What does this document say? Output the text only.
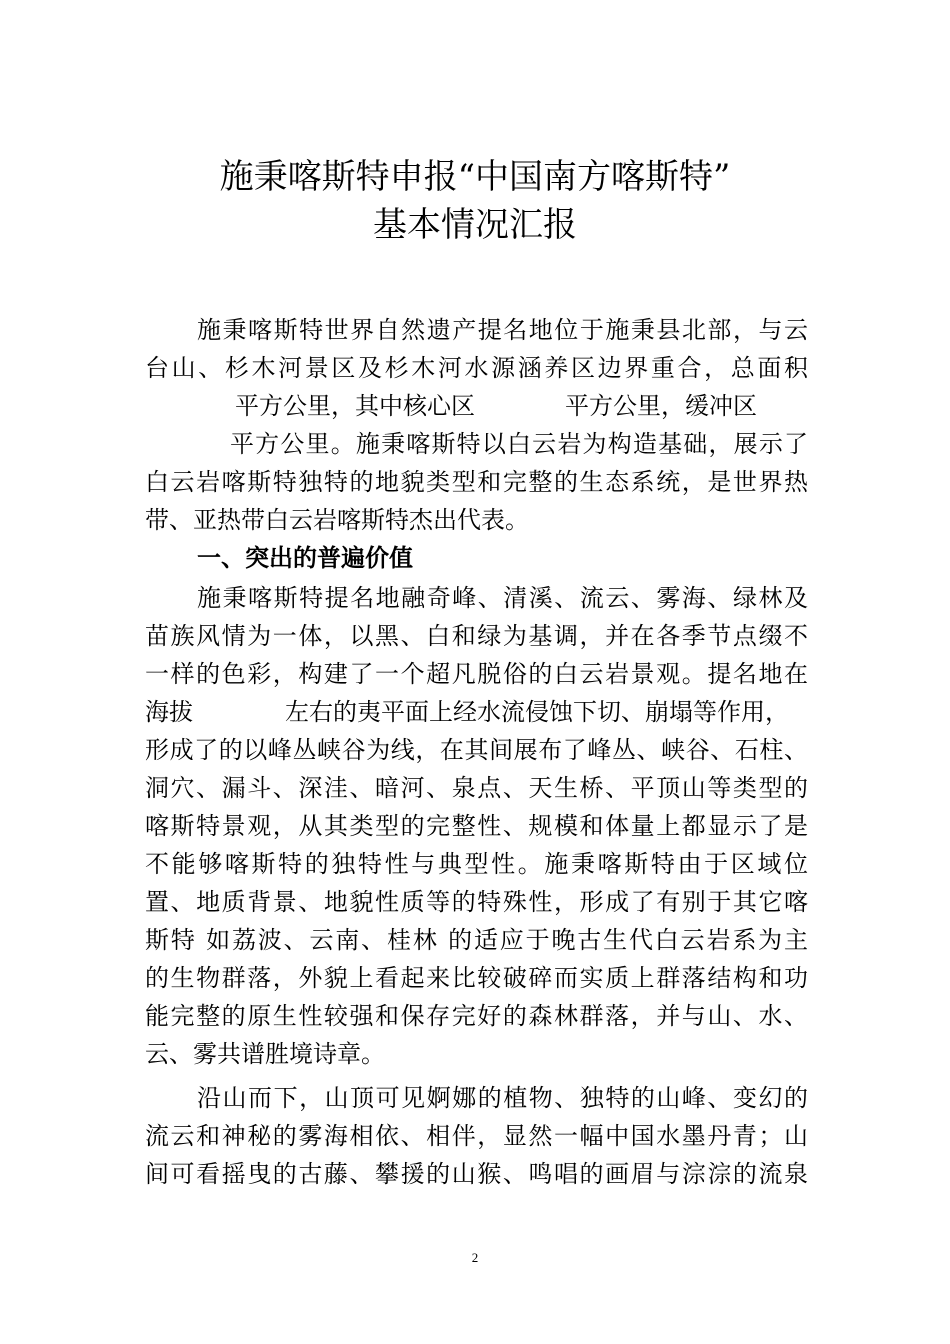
施秉喀斯特申报“中国南方喀斯特”
基本情况汇报
施秉喀斯特世界自然遗产提名地位于施秉县北部，与云
台山、杉木河景区及杉木河水源涵养区边界重合，总面积
平方公里，其中核心区	平方公里，缓冲区
平方公里。施秉喀斯特以白云岩为构造基础，展示了
白云岩喀斯特独特的地貌类型和完整的生态系统，是世界热
带、亚热带白云岩喀斯特杰出代表。
一、突出的普遍价值
施秉喀斯特提名地融奇峰、清溪、流云、雾海、绿林及
苗族风情为一体，以黑、白和绿为基调，并在各季节点缀不
一样的色彩，构建了一个超凡脱俗的白云岩景观。提名地在
海拔	左右的夷平面上经水流侵蚀下切、崩塌等作用，
形成了的以峰丛峡谷为线，在其间展布了峰丛、峡谷、石柱、
洞穴、漏斗、深洼、暗河、泉点、天生桥、平顶山等类型的
喀斯特景观，从其类型的完整性、规模和体量上都显示了是
不能够喀斯特的独特性与典型性。施秉喀斯特由于区域位
置、地质背景、地貌性质等的特殊性，形成了有别于其它喀
斯特 如荔波、云南、桂林 的适应于晚古生代白云岩系为主
的生物群落，外貌上看起来比较破碎而实质上群落结构和功
能完整的原生性较强和保存完好的森林群落，并与山、水、
云、雾共谱胜境诗章。
沿山而下，山顶可见婀娜的植物、独特的山峰、变幻的
流云和神秘的雾海相依、相伴，显然一幅中国水墨丹青；山
间可看摇曳的古藤、攀援的山猴、鸣唱的画眉与淙淙的流泉
2
